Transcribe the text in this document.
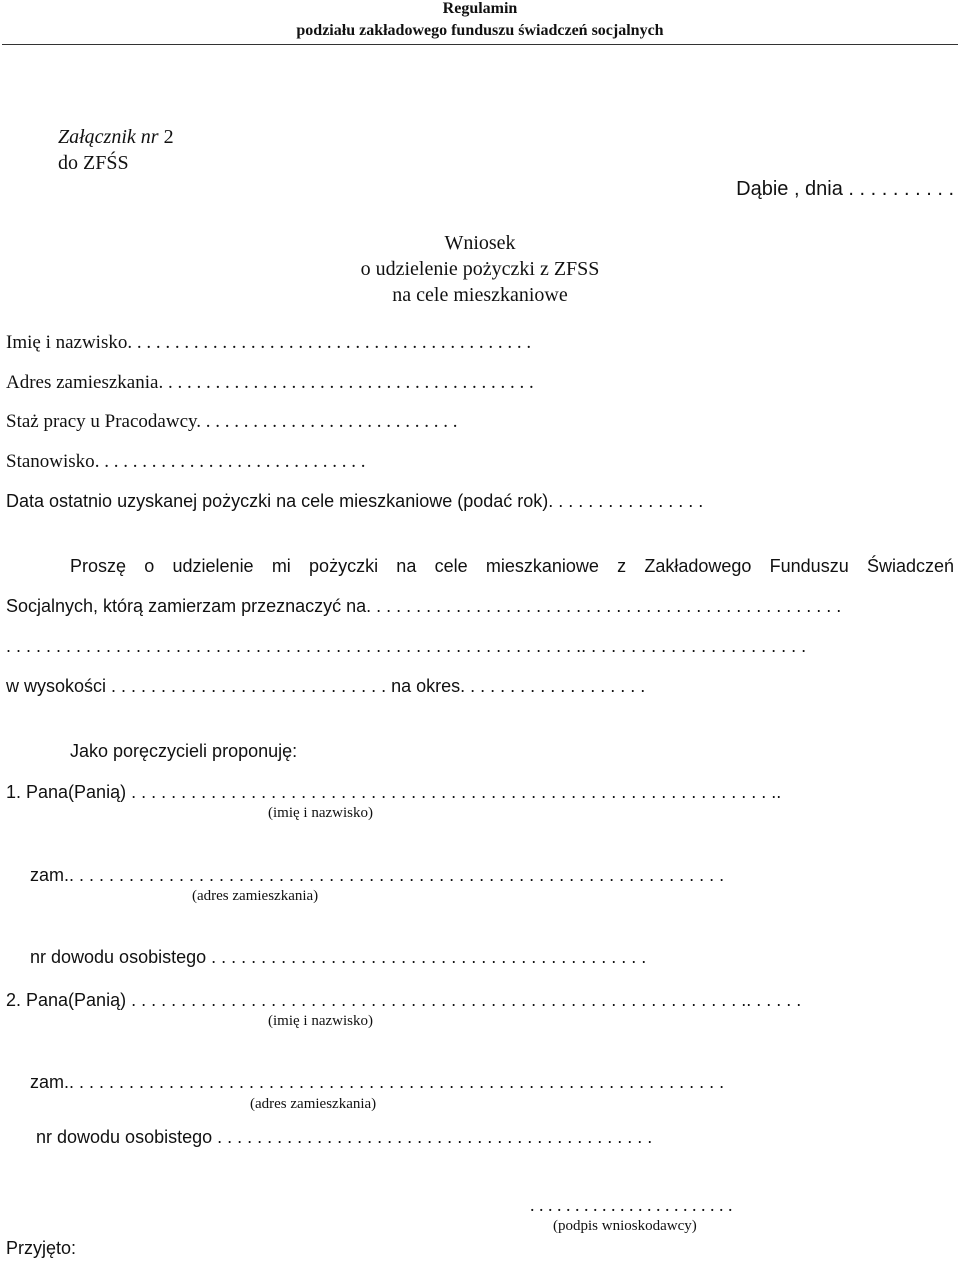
Regulamin
podziału zakładowego funduszu świadczeń socjalnych
Załącznik nr 2
do ZFŚS
Dąbie , dnia . . . . . . . . . .
Wniosek
o udzielenie pożyczki z ZFSS
na cele mieszkaniowe
Imię i nazwisko. . . . . . . . . . . . . . . . . . . . . . . . . . . . . . . . . . . . . . . . . . .
Adres zamieszkania. . . . . . . . . . . . . . . . . . . . . . . . . . . . . . . . . . . . . . . .
Staż pracy u Pracodawcy. . . . . . . . . . . . . . . . . . . . . . . . . . . .
Stanowisko. . . . . . . . . . . . . . . . . . . . . . . . . . . . .
Data ostatnio uzyskanej pożyczki na cele mieszkaniowe (podać rok). . . . . . . . . . . . . . . .
Proszę o udzielenie mi pożyczki na cele mieszkaniowe z Zakładowego Funduszu Świadczeń
Socjalnych, którą zamierzam przeznaczyć na. . . . . . . . . . . . . . . . . . . . . . . . . . . . . . . . . . . . . . . . . . . . . . . .
. . . . . . . . . . . . . . . . . . . . . . . . . . . . . . . . . . . . . . . . . . . . . . . . . . . . . . . . . .. . . . . . . . . . . . . . . . . . . . . . .
w wysokości . . . . . . . . . . . . . . . . . . . . . . . . . . . . na okres. . . . . . . . . . . . . . . . . . .
Jako poręczycieli proponuję:
1. Pana(Panią) . . . . . . . . . . . . . . . . . . . . . . . . . . . . . . . . . . . . . . . . . . . . . . . . . . . . . . . . . . . . . . . . ..
(imię i nazwisko)
zam.. . . . . . . . . . . . . . . . . . . . . . . . . . . . . . . . . . . . . . . . . . . . . . . . . . . . . . . . . . . . . . . . . .
(adres zamieszkania)
nr dowodu osobistego . . . . . . . . . . . . . . . . . . . . . . . . . . . . . . . . . . . . . . . . . . . .
2. Pana(Panią) . . . . . . . . . . . . . . . . . . . . . . . . . . . . . . . . . . . . . . . . . . . . . . . . . . . . . . . . . . . . . .. . . . . .
(imię i nazwisko)
zam.. . . . . . . . . . . . . . . . . . . . . . . . . . . . . . . . . . . . . . . . . . . . . . . . . . . . . . . . . . . . . . . . . .
(adres zamieszkania)
nr dowodu osobistego . . . . . . . . . . . . . . . . . . . . . . . . . . . . . . . . . . . . . . . . . . . .
. . . . . . . . . . . . . . . . . . . . . . .
(podpis wnioskodawcy)
Przyjęto:
